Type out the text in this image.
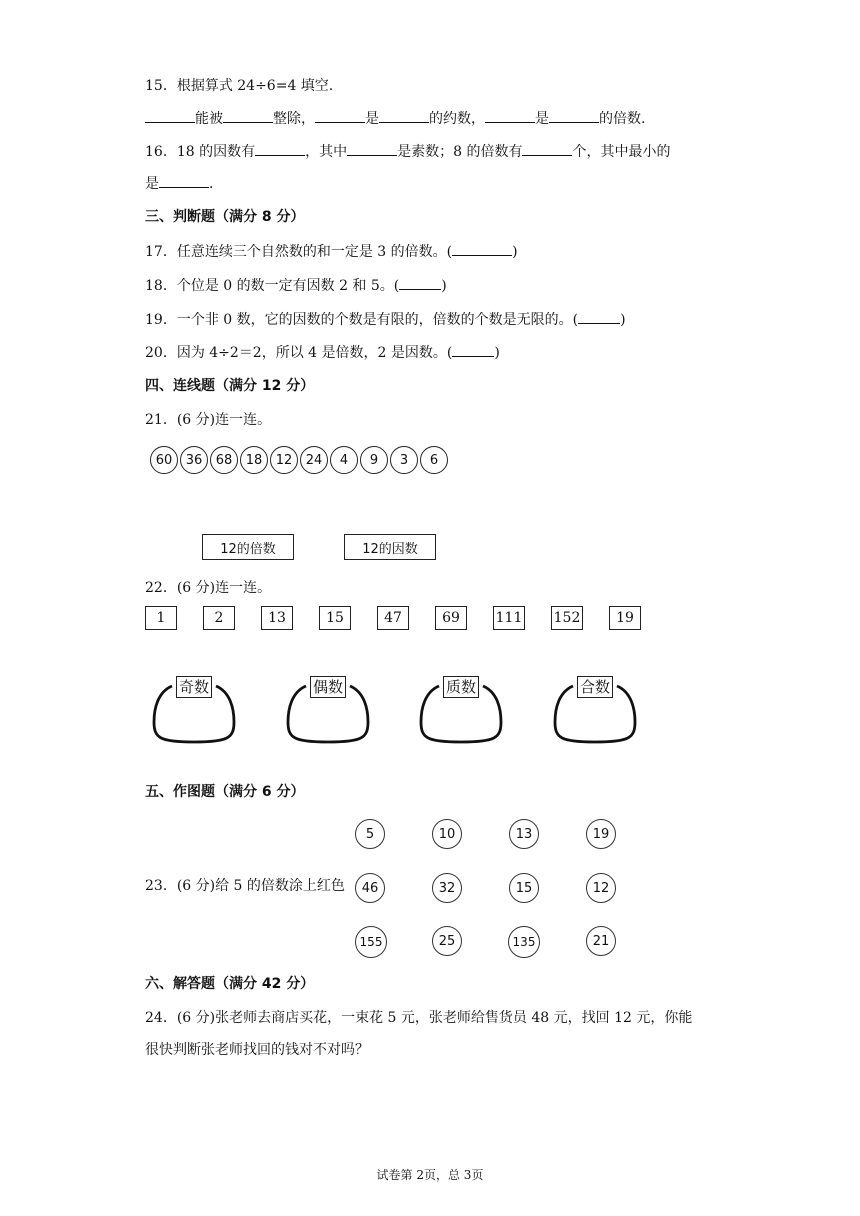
15．根据算式 24÷6=4 填空.
能被	整除，	是	的约数，	是	的倍数.
16．18 的因数有	，其中	是素数；8 的倍数有	个，其中最小的
是	.
三、判断题（满分 8 分）
17．任意连续三个自然数的和一定是 3 的倍数。(	)
18．个位是 0 的数一定有因数 2 和 5。(	)
19．一个非 0 数，它的因数的个数是有限的，倍数的个数是无限的。(	)
20．因为 4÷2＝2，所以 4 是倍数，2 是因数。(	)
四、连线题（满分 12 分）
21．(6 分)连一连。
60	36	68	18	12	24	4	9	3	6
12的倍数	12的因数
22．(6 分)连一连。
1	2	13	15	47	69	111 152	19
奇数	偶数	质数	合数
五、作图题（满分 6 分）
5	10	13	19
23．(6 分)给 5 的倍数涂上红色	46	32	15	12
155	25	135	21
六、解答题（满分 42 分）
24．(6 分)张老师去商店买花，一束花 5 元，张老师给售货员 48 元，找回 12 元，你能
很快判断张老师找回的钱对不对吗？
试卷第 2页，总 3页
